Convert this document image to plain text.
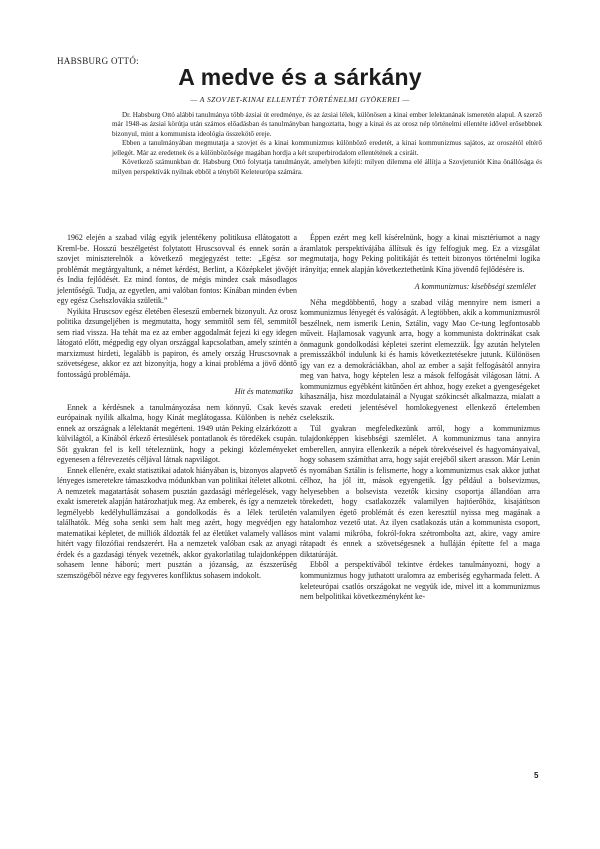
HABSBURG OTTÓ:
A medve és a sárkány
— A SZOVJET-KINAI ELLENTÉT TÖRTÉNELMI GYÖKEREI —

Dr. Habsburg Ottó alábbi tanulmánya több ázsiai út eredménye, és az ázsiai lélek, különösen a kinai ember lelektanának ismeretén alapul. A szerző már 1948-as ázsiai körútja után számos előadásban és tanulmányban hangoztatta, hogy a kinai és az orosz nép történelmi ellentéte idővel erősebbnek bizonyul, mint a kommunista ideológia összekötő ereje.

Ebben a tanulmányában megmutatja a szovjet és a kinai kommunizmus különböző eredetét, a kinai kommunizmus sajátos, az oroszétól eltérő jellegét. Már az eredetnek és a különbözősége magában hordja a két szuperbirodalom ellentétének a csiráit.

Következő számunkban dr. Habsburg Ottó folytatja tanulmányát, amelyben kifejti: milyen dilemma elé állítja a Szovjetuniót Kina önállósága és milyen perspektívák nyilnak ebből a tényből Keleteurópa számára.

1962 elején a szabad világ egyik jelentékeny politikusa ellátogatott a Kreml-be. Hosszú beszélgetést folytatott Hruscsovval és ennek során a szovjet miniszterelnök a következő megjegyzést tette: „Egész sor problémát megtárgyaltunk, a német kérdést, Berlint, a Középkelet jövőjét és India fejlődését. Ez mind fontos, de mégis mindez csak másodlagos jelentőségű. Tudja, az egyetlen, ami valóban fontos: Kínában minden évben egy egész Csehszlovákia születik.”

Nyikita Hruscsov egész életében ēleseszű embernek bizonyult. Az orosz politika dzsungeljében is megmutatta, hogy semmitől sem fél, semmitől sem riad vissza. Ha tehát ma ez az ember aggodalmát fejezi ki egy idegen látogató előtt, mégpedig egy olyan országgal kapcsolatban, amely szintén a marxizmust hirdeti, legalább is papiron, és amely ország Hruscsovnak a szövetségese, akkor ez azt bizonyítja, hogy a kinai probléma a jövő döntő fontosságú problémája.

Hit és matematika

Ennek a kérdésnek a tanulmányozása nem könnyű. Csak kevés európainak nyilik alkalma, hogy Kinát meglátogassa. Különben is nehéz ennek az országnak a lélektanát megérteni. 1949 után Peking elzárkózott a külvilágtól, a Kínából érkező értesülések pontatlanok és töredékek csupán. Sőt gyakran fel is kell tételeznünk, hogy a pekingi közleményeket egyenesen a félrevezetés céljával látnak napvilágot.

Ennek ellenére, exakt statisztikai adatok hiányában is, bizonyos alapvető lényeges ismeretekre támaszkodva módunkban van politikai ítéletet alkotni. A nemzetek magatartását sohasem pusztán gazdasági mérlegelések, vagy exakt ismeretek alapján határozhatjuk meg. Az emberek, és így a nemzetek legmélyebb kedélyhullámzásai a gondolkodás és a lélek területén találhatók. Még soha senki sem halt meg azért, hogy megvédjen egy matematikai képletet, de milliók áldozták fel az életüket valamely vallásos hitért vagy filozófiai rendszerért. Ha a nemzetek valóban csak az anyagi érdek és a gazdasági tények vezetnék, akkor gyakorlatilag tulajdonképpen sohasem lenne háború; mert pusztán a józanság, az észszerűség szemszögéből nézve egy fegyveres konfliktus sohasem indokolt.

Éppen ezért meg kell kísérelnünk, hogy a kinai misztériumot a nagy áramlatok perspektívájába állítsuk és így felfogjuk meg. Ez a vizsgálat megmutatja, hogy Peking politikáját és tetteit bizonyos történelmi logika irányítja; ennek alapján következtethetünk Kína jövendő fejlődésére is.

A kommunizmus: kisebbségi szemlélet

Néha megdöbbentő, hogy a szabad világ mennyire nem ismeri a kommunizmus lényegét és valóságát. A legtöbben, akik a kommunizmusról beszélnek, nem ismerik Lenin, Sztálin, vagy Mao Ce-tung legfontosabb műveit. Hajlamosak vagyunk arra, hogy a kommunista doktrinákat csak önmagunk gondolkodási képletei szerint elemezzük. Így azután helytelen premisszákból indulunk ki és hamis következtetésekre jutunk. Különösen így van ez a demokráciákban, ahol az ember a saját felfogásától annyira meg van hatva, hogy képtelen lesz a mások felfogását világosan látni. A kommunizmus egyébként kitűnően ért ahhoz, hogy ezeket a gyengeségeket kihasználja, hisz mozdulatainál a Nyugat szókincsét alkalmazza, mialatt a szavak eredeti jelentésével homlokegyenest ellenkező értelemben cselekszik.

Túl gyakran megfeledkezünk arról, hogy a kommunizmus tulajdonképpen kisebbségi szemlélet. A kommunizmus tana annyira emberellen, annyira ellenkezik a népek törekvéseivel és hagyományaival, hogy sohasem számíthat arra, hogy saját erejéből sikert arasson. Már Lenin és nyomában Sztálin is felismerte, hogy a kommunizmus csak akkor juthat célhoz, ha jól itt, mások egyengetik. Így például a bolsevizmus, helyesebben a bolsevista vezetők kicsiny csoportja állandóan arra törekedett, hogy csatlakozzék valamilyen hajtóerőhöz, kisajátítson valamilyen égető problémát és ezen keresztül nyissa meg magának a hatalomhoz vezető utat. Az ilyen csatlakozás után a kommunista csoport, mint valami mikróba, fokról-fokra szétrombolta azt, akire, vagy amire rátapadt és ennek a szövetségesnek a hulláján építette fel a maga diktatúráját.

Ebből a perspektívából tekintve érdekes tanulmányozni, hogy a kommunizmus hogy juthatott uralomra az emberiség egyharmada felett. A keleteurópai csatlós országokat ne vegyük ide, mivel itt a kommunizmus nem belpolitikai következményként ke-

5
